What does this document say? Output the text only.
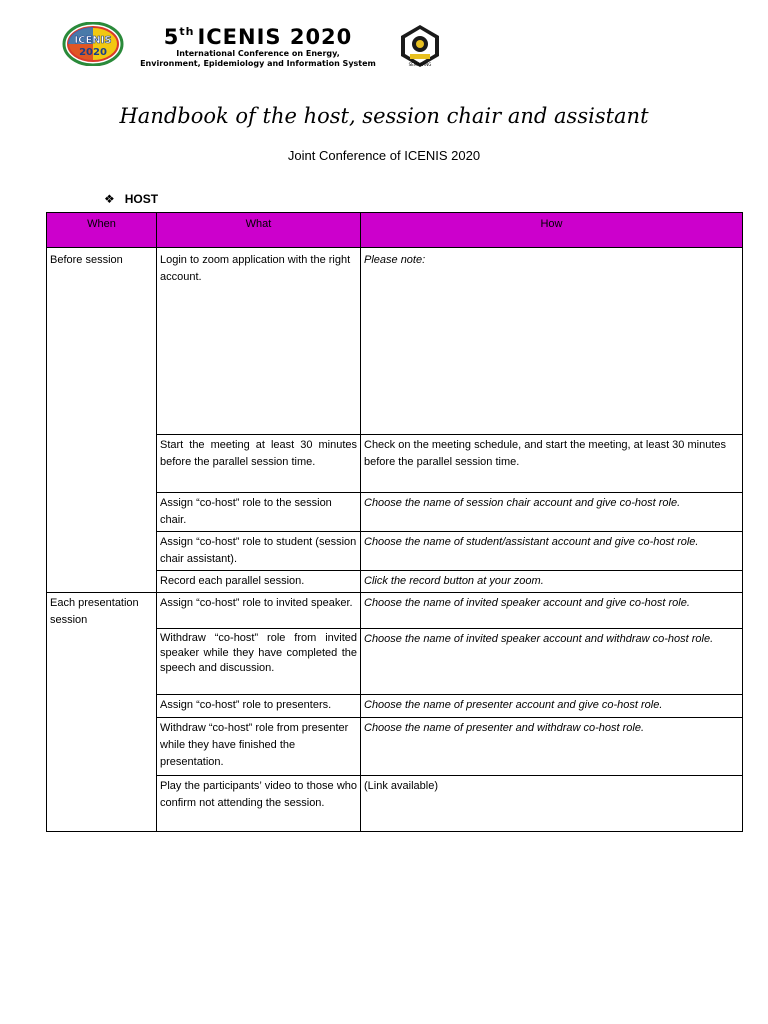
ICENIS
2020
5th ICENIS 2020
International Conference on Energy,
Environment, Epidemiology and Information System	SEMARANG
Handbook of the host, session chair and assistant
Joint Conference of ICENIS 2020
❖ HOST
When	What	How
Before session	Login to zoom application with the right account.	Please note:
	Start the meeting at least 30 minutes before the parallel session time.	Check on the meeting schedule, and start the meeting, at least 30 minutes before the parallel session time.
	Assign “co-host” role to the session chair.	Choose the name of session chair account and give co-host role.
	Assign “co-host” role to student (session chair assistant).	Choose the name of student/assistant account and give co-host role.
	Record each parallel session.	Click the record button at your zoom.
Each presentation session	Assign “co-host” role to invited speaker.	Choose the name of invited speaker account and give co-host role.
	Withdraw “co-host” role from invited speaker while they have completed the speech and discussion.	Choose the name of invited speaker account and withdraw co-host role.
	Assign “co-host” role to presenters.	Choose the name of presenter account and give co-host role.
	Withdraw “co-host” role from presenter while they have finished the presentation.	Choose the name of presenter and withdraw co-host role.
	Play the participants’ video to those who confirm not attending the session.	(Link available)
